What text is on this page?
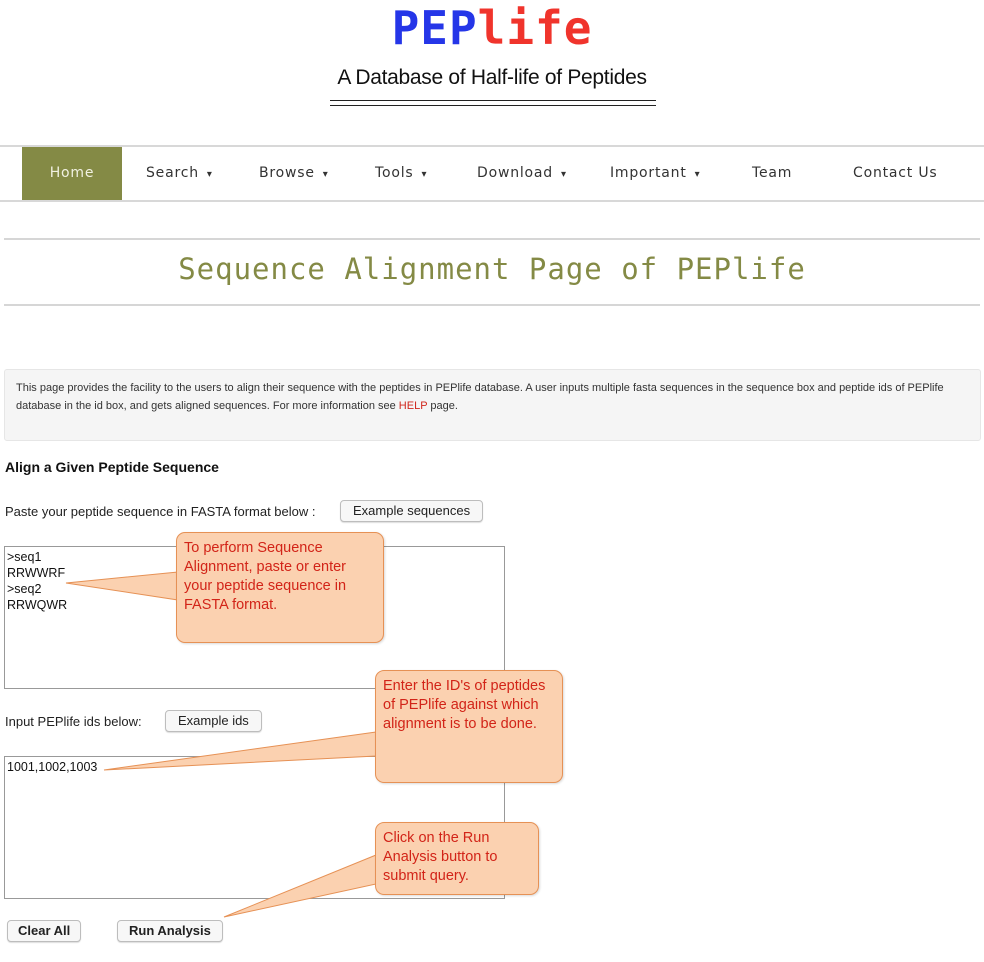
PEPlife
A Database of Half-life of Peptides
Home	Search ▾	Browse ▾	Tools ▾	Download ▾	Important ▾	Team	Contact Us
Sequence Alignment Page of PEPlife
This page provides the facility to the users to align their sequence with the peptides in PEPlife database. A user inputs multiple fasta sequences in the sequence box and peptide ids of PEPlife database in the id box, and gets aligned sequences. For more information see HELP page.
Align a Given Peptide Sequence
Paste your peptide sequence in FASTA format below :	Example sequences
>seq1 RRWWRF >seq2 RRWQWR
Input PEPlife ids below:	Example ids
1001,1002,1003
Clear All	Run Analysis
To perform Sequence Alignment, paste or enter your peptide sequence in FASTA format.
Enter the ID's of peptides of PEPlife against which alignment is to be done.
Click on the Run Analysis button to submit query.
